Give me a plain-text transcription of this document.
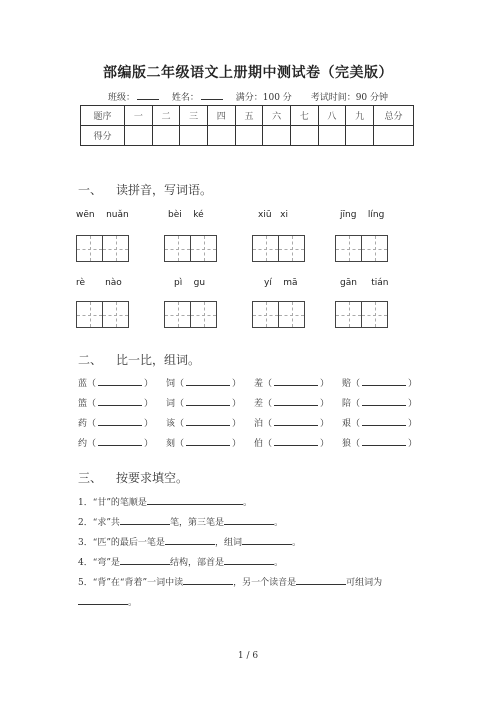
部编版二年级语文上册期中测试卷（完美版）
班级：	姓名：	满分：100 分 考试时间：90 分钟
题序	一	二	三	四	五	六	七	八	九	总分
得分										
一、 读拼音，写词语。
wēn nuǎn	bèi ké	xiū xi	jīng líng
rè nào	pì gu	yí mā	gān tián
二、 比一比，组词。
蓝（	）	饲（	）	羞（	）	赔（	）
篮（	）	词（	）	差（	）	陪（	）
药（	）	该（	）	泊（	）	艰（	）
约（	）	刻（	）	伯（	）	狼（	）
三、 按要求填空。
1．“甘”的笔顺是	。
2．“求”共	笔，第三笔是	。
3．“匹”的最后一笔是	，组词	。
4．“弯”是	结构，部首是	。
5．“背”在“背着”一词中读	，另一个读音是	可组词为
。
1 / 6
